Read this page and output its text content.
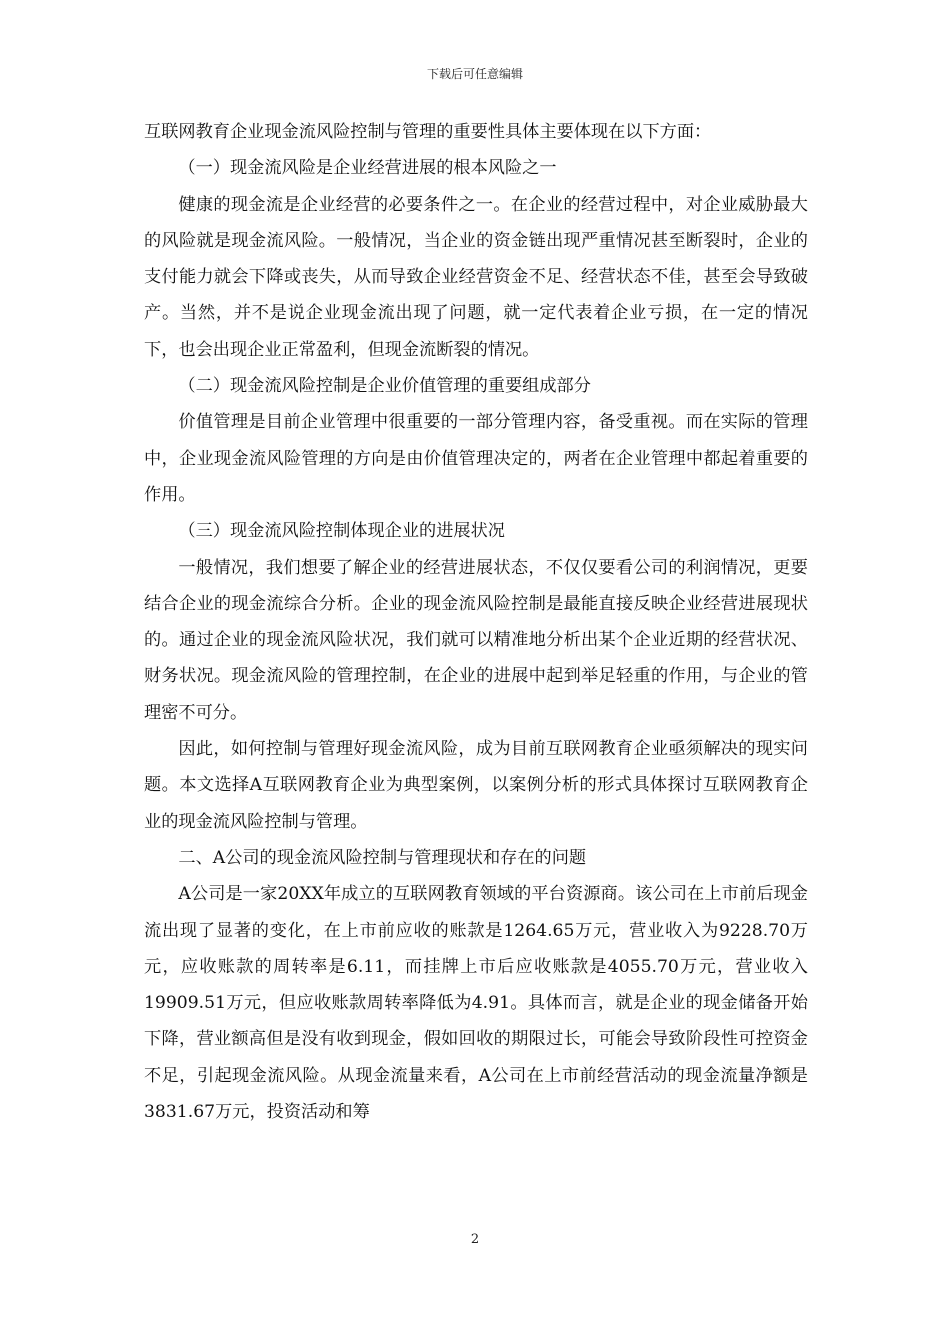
下载后可任意编辑

互联网教育企业现金流风险控制与管理的重要性具体主要体现在以下方面：

（一）现金流风险是企业经营进展的根本风险之一

健康的现金流是企业经营的必要条件之一。在企业的经营过程中，对企业威胁最大的风险就是现金流风险。一般情况，当企业的资金链出现严重情况甚至断裂时，企业的支付能力就会下降或丧失，从而导致企业经营资金不足、经营状态不佳，甚至会导致破产。当然，并不是说企业现金流出现了问题，就一定代表着企业亏损，在一定的情况下，也会出现企业正常盈利，但现金流断裂的情况。

（二）现金流风险控制是企业价值管理的重要组成部分

价值管理是目前企业管理中很重要的一部分管理内容，备受重视。而在实际的管理中，企业现金流风险管理的方向是由价值管理决定的，两者在企业管理中都起着重要的作用。

（三）现金流风险控制体现企业的进展状况

一般情况，我们想要了解企业的经营进展状态，不仅仅要看公司的利润情况，更要结合企业的现金流综合分析。企业的现金流风险控制是最能直接反映企业经营进展现状的。通过企业的现金流风险状况，我们就可以精准地分析出某个企业近期的经营状况、财务状况。现金流风险的管理控制，在企业的进展中起到举足轻重的作用，与企业的管理密不可分。

因此，如何控制与管理好现金流风险，成为目前互联网教育企业亟须解决的现实问题。本文选择A互联网教育企业为典型案例，以案例分析的形式具体探讨互联网教育企业的现金流风险控制与管理。

二、A公司的现金流风险控制与管理现状和存在的问题

A公司是一家20XX年成立的互联网教育领域的平台资源商。该公司在上市前后现金流出现了显著的变化，在上市前应收的账款是1264.65万元，营业收入为9228.70万元，应收账款的周转率是6.11，而挂牌上市后应收账款是4055.70万元，营业收入19909.51万元，但应收账款周转率降低为4.91。具体而言，就是企业的现金储备开始下降，营业额高但是没有收到现金，假如回收的期限过长，可能会导致阶段性可控资金不足，引起现金流风险。从现金流量来看，A公司在上市前经营活动的现金流量净额是3831.67万元，投资活动和筹

2
